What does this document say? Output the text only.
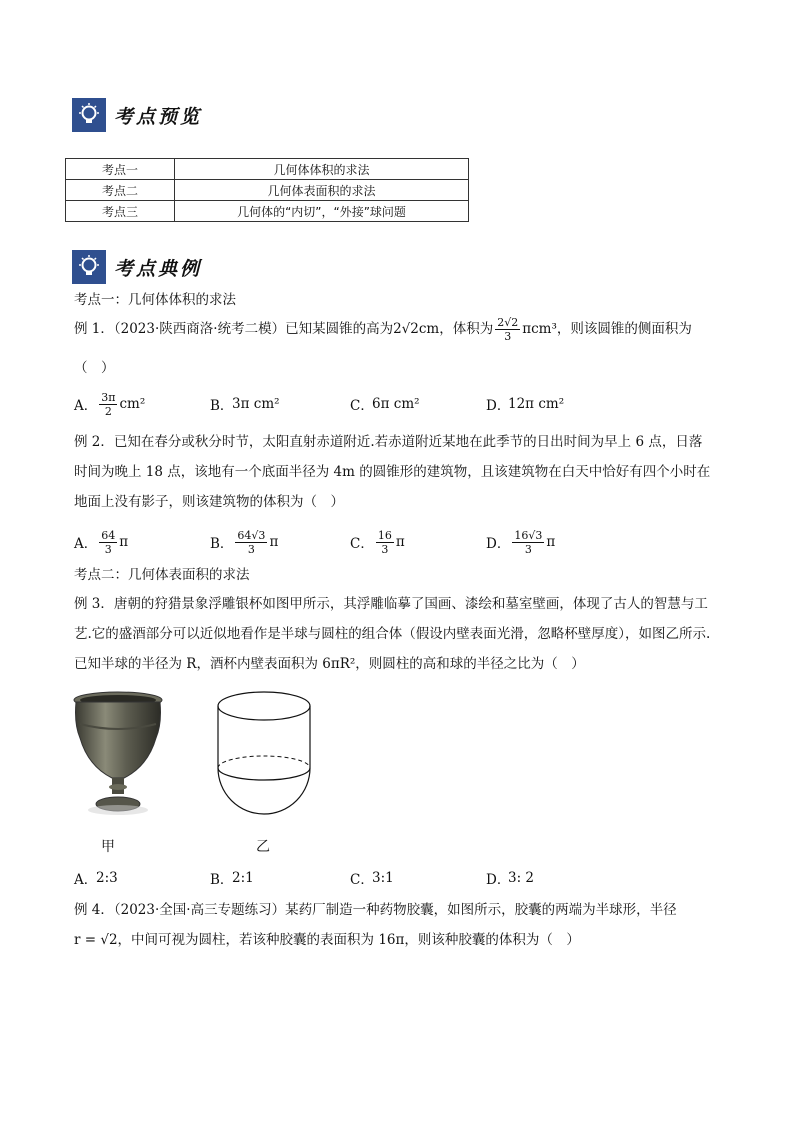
考点预览
考点一	几何体体积的求法
考点二	几何体表面积的求法
考点三	几何体的“内切”，“外接”球问题
考点典例
考点一：几何体体积的求法
例 1．（2023·陕西商洛·统考二模）已知某圆锥的高为2√2cm，体积为 $\frac{2√2}{3} \pi cm^3$，则该圆锥的侧面积为
（　）
A． $\frac{3\pi}{2} cm^2$	B．
3π cm²	C．
6π cm²	D．
12π cm²
例 2．已知在春分或秋分时节，太阳直射赤道附近.若赤道附近某地在此季节的日出时间为早上 6 点，日落
时间为晚上 18 点，该地有一个底面半径为 4m 的圆锥形的建筑物，且该建筑物在白天中恰好有四个小时在
地面上没有影子，则该建筑物的体积为（　）
A． $\frac{64}{3}$ π	B． $\frac{64√3}{3}$ π	C． $\frac{16}{3}$ π	D． $\frac{16√3}{3}$ π
考点二：几何体表面积的求法
例 3．唐朝的狩猎景象浮雕银杯如图甲所示，其浮雕临摹了国画、漆绘和墓室壁画，体现了古人的智慧与工
艺.它的盛酒部分可以近似地看作是半球与圆柱的组合体（假设内壁表面光滑，忽略杯壁厚度），如图乙所示.
已知半球的半径为 R，酒杯内壁表面积为 6πR²，则圆柱的高和球的半径之比为（　）
甲	乙
A．
2:3	B．
2:1	C．
3:1	D．
3: 2
例 4．（2023·全国·高三专题练习）某药厂制造一种药物胶囊，如图所示，胶囊的两端为半球形，半径
r = √2，中间可视为圆柱，若该种胶囊的表面积为 16π，则该种胶囊的体积为（　）
